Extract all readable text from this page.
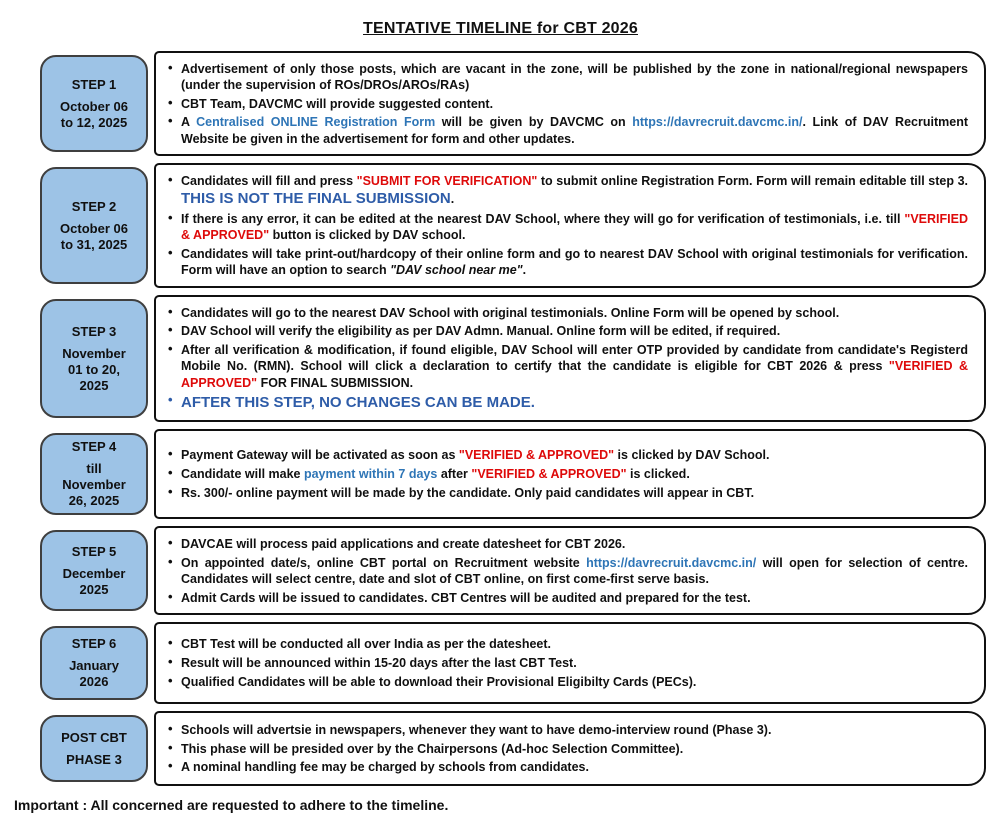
TENTATIVE TIMELINE for CBT 2026
STEP 1
October 06
to 12, 2025
• Advertisement of only those posts, which are vacant in the zone, will be published by the zone in national/regional newspapers (under the supervision of ROs/DROs/AROs/RAs)
• CBT Team, DAVCMC will provide suggested content.
• A Centralised ONLINE Registration Form will be given by DAVCMC on https://davrecruit.davcmc.in/. Link of DAV Recruitment Website be given in the advertisement for form and other updates.
STEP 2
October 06
to 31, 2025
• Candidates will fill and press "SUBMIT FOR VERIFICATION" to submit online Registration Form. Form will remain editable till step 3. THIS IS NOT THE FINAL SUBMISSION.
• If there is any error, it can be edited at the nearest DAV School, where they will go for verification of testimonials, i.e. till "VERIFIED & APPROVED" button is clicked by DAV school.
• Candidates will take print-out/hardcopy of their online form and go to nearest DAV School with original testimonials for verification. Form will have an option to search "DAV school near me".
STEP 3
November
01 to 20,
2025
• Candidates will go to the nearest DAV School with original testimonials. Online Form will be opened by school.
• DAV School will verify the eligibility as per DAV Admn. Manual. Online form will be edited, if required.
• After all verification & modification, if found eligible, DAV School will enter OTP provided by candidate from candidate's Registerd Mobile No. (RMN). School will click a declaration to certify that the candidate is eligible for CBT 2026 & press "VERIFIED & APPROVED" FOR FINAL SUBMISSION.
• AFTER THIS STEP, NO CHANGES CAN BE MADE.
STEP 4
till
November
26, 2025
• Payment Gateway will be activated as soon as "VERIFIED & APPROVED" is clicked by DAV School.
• Candidate will make payment within 7 days after "VERIFIED & APPROVED" is clicked.
• Rs. 300/- online payment will be made by the candidate. Only paid candidates will appear in CBT.
STEP 5
December
2025
• DAVCAE will process paid applications and create datesheet for CBT 2026.
• On appointed date/s, online CBT portal on Recruitment website https://davrecruit.davcmc.in/ will open for selection of centre. Candidates will select centre, date and slot of CBT online, on first come-first serve basis.
• Admit Cards will be issued to candidates. CBT Centres will be audited and prepared for the test.
STEP 6
January
2026
• CBT Test will be conducted all over India as per the datesheet.
• Result will be announced within 15-20 days after the last CBT Test.
• Qualified Candidates will be able to download their Provisional Eligibilty Cards (PECs).
POST CBT
PHASE 3
• Schools will advertsie in newspapers, whenever they want to have demo-interview round (Phase 3).
• This phase will be presided over by the Chairpersons (Ad-hoc Selection Committee).
• A nominal handling fee may be charged by schools from candidates.
Important : All concerned are requested to adhere to the timeline.
